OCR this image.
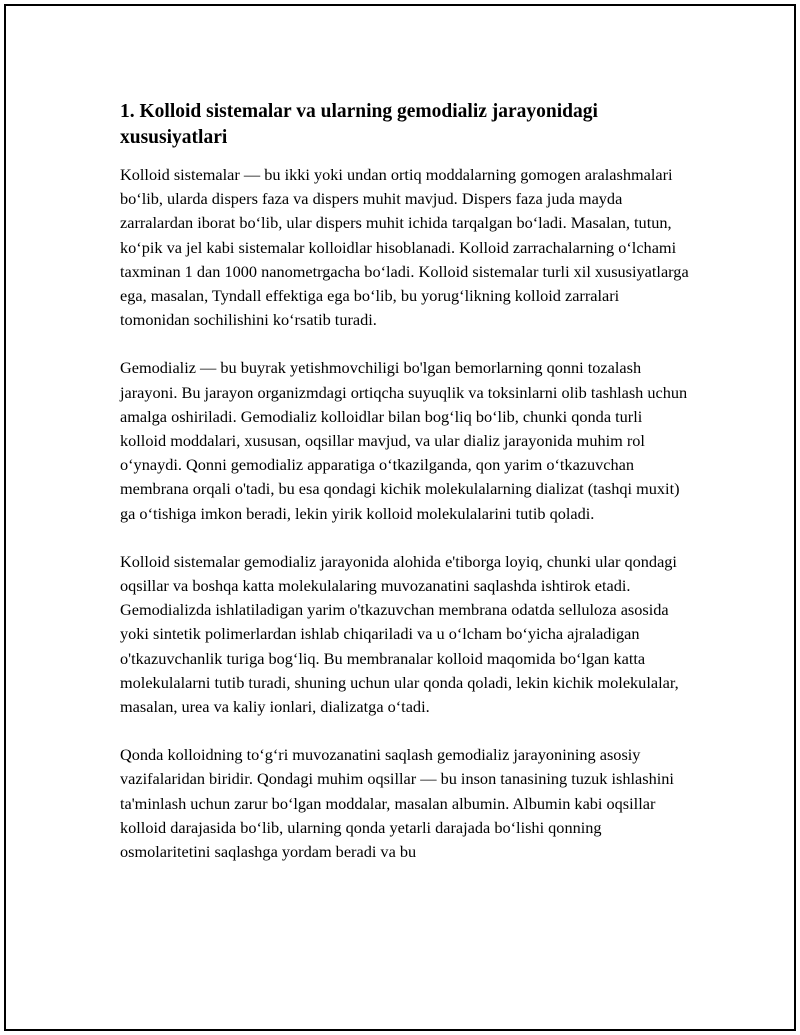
1. Kolloid sistemalar va ularning gemodializ jarayonidagi xususiyatlari

Kolloid sistemalar — bu ikki yoki undan ortiq moddalarning gomogen aralashmalari bo‘lib, ularda dispers faza va dispers muhit mavjud. Dispers faza juda mayda zarralardan iborat bo‘lib, ular dispers muhit ichida tarqalgan bo‘ladi. Masalan, tutun, ko‘pik va jel kabi sistemalar kolloidlar hisoblanadi. Kolloid zarrachalarning o‘lchami taxminan 1 dan 1000 nanometrgacha bo‘ladi. Kolloid sistemalar turli xil xususiyatlarga ega, masalan, Tyndall effektiga ega bo‘lib, bu yorug‘likning kolloid zarralari tomonidan sochilishini ko‘rsatib turadi.

Gemodializ — bu buyrak yetishmovchiligi bo'lgan bemorlarning qonni tozalash jarayoni. Bu jarayon organizmdagi ortiqcha suyuqlik va toksinlarni olib tashlash uchun amalga oshiriladi. Gemodializ kolloidlar bilan bog‘liq bo‘lib, chunki qonda turli kolloid moddalari, xususan, oqsillar mavjud, va ular dializ jarayonida muhim rol o‘ynaydi. Qonni gemodializ apparatiga o‘tkazilganda, qon yarim o‘tkazuvchan membrana orqali o'tadi, bu esa qondagi kichik molekulalarning dializat (tashqi muxit) ga o‘tishiga imkon beradi, lekin yirik kolloid molekulalarini tutib qoladi.

Kolloid sistemalar gemodializ jarayonida alohida e'tiborga loyiq, chunki ular qondagi oqsillar va boshqa katta molekulalaring muvozanatini saqlashda ishtirok etadi. Gemodializda ishlatiladigan yarim o'tkazuvchan membrana odatda selluloza asosida yoki sintetik polimerlardan ishlab chiqariladi va u o‘lcham bo‘yicha ajraladigan o'tkazuvchanlik turiga bog‘liq. Bu membranalar kolloid maqomida bo‘lgan katta molekulalarni tutib turadi, shuning uchun ular qonda qoladi, lekin kichik molekulalar, masalan, urea va kaliy ionlari, dializatga o‘tadi.

Qonda kolloidning to‘g‘ri muvozanatini saqlash gemodializ jarayonining asosiy vazifalaridan biridir. Qondagi muhim oqsillar — bu inson tanasining tuzuk ishlashini ta'minlash uchun zarur bo‘lgan moddalar, masalan albumin. Albumin kabi oqsillar kolloid darajasida bo‘lib, ularning qonda yetarli darajada bo‘lishi qonning osmolaritetini saqlashga yordam beradi va bu
